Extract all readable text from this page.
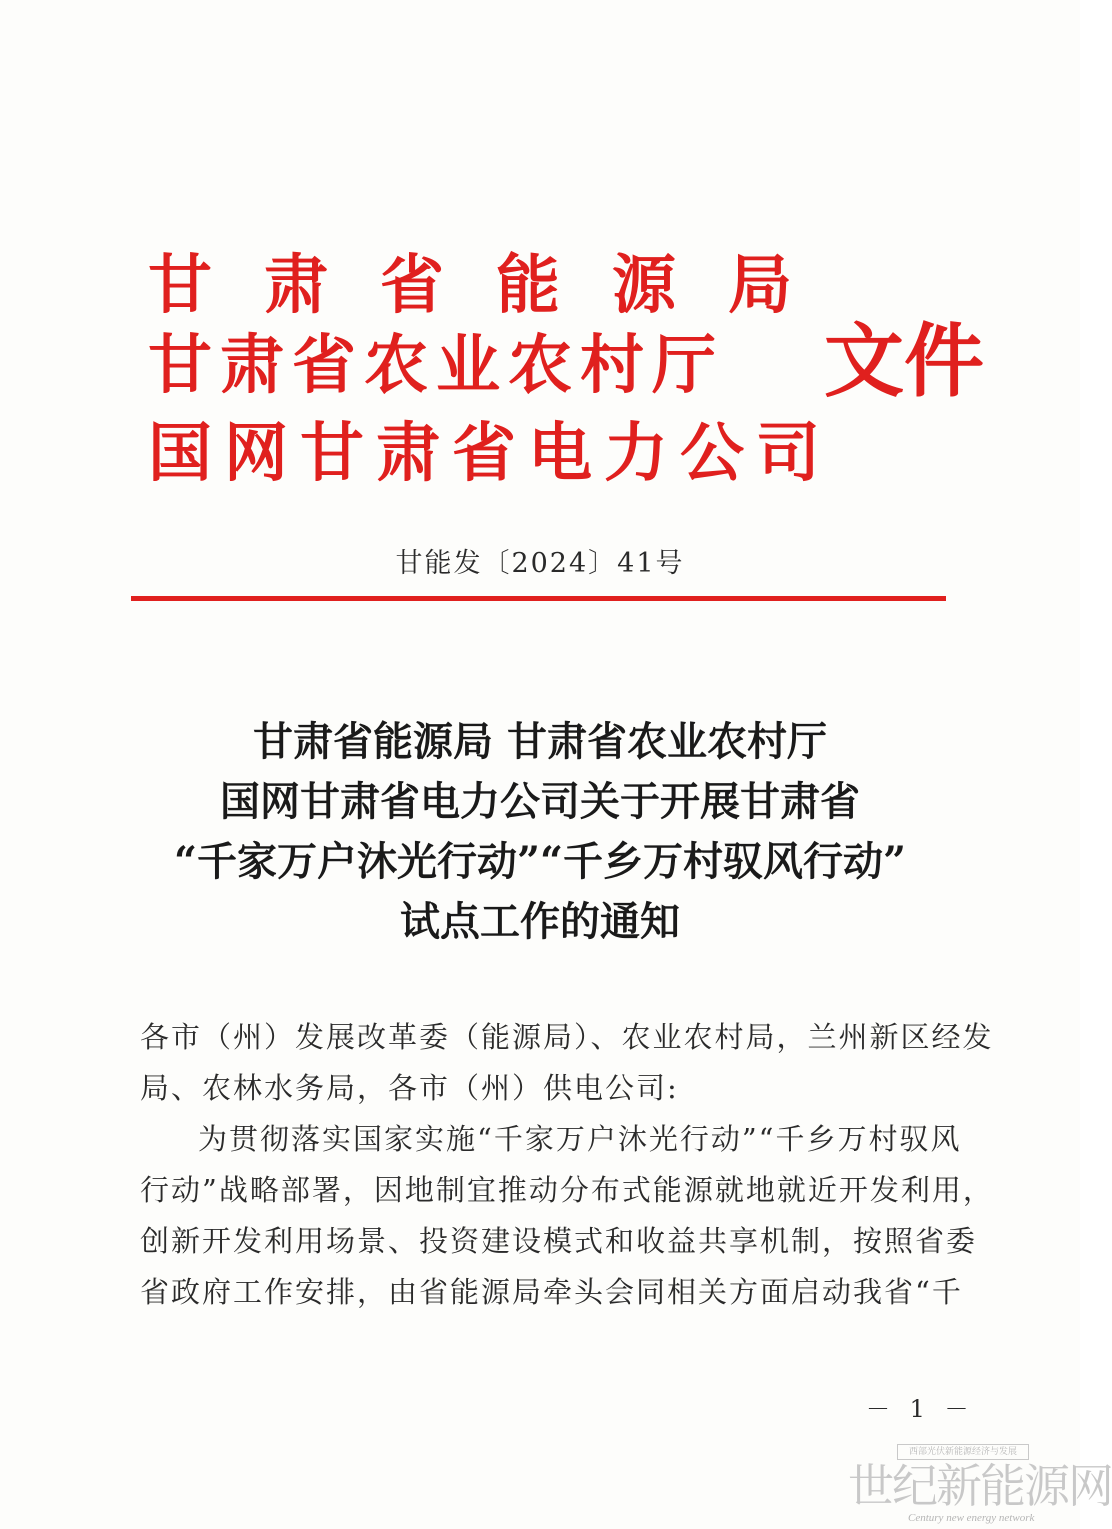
甘肃省能源局
甘肃省农业农村厅
国网甘肃省电力公司
文件
甘能发〔2024〕41号
甘肃省能源局 甘肃省农业农村厅
国网甘肃省电力公司关于开展甘肃省
“千家万户沐光行动”“千乡万村驭风行动”
试点工作的通知

各市（州）发展改革委（能源局）、农业农村局，兰州新区经发

局、农林水务局，各市（州）供电公司:

为贯彻落实国家实施“千家万户沐光行动”“千乡万村驭风

行动”战略部署，因地制宜推动分布式能源就地就近开发利用，

创新开发利用场景、投资建设模式和收益共享机制，按照省委

省政府工作安排，由省能源局牵头会同相关方面启动我省“千

－ 1 －
西部光伏新能源经济与发展
世纪新能源网
Century new energy network
